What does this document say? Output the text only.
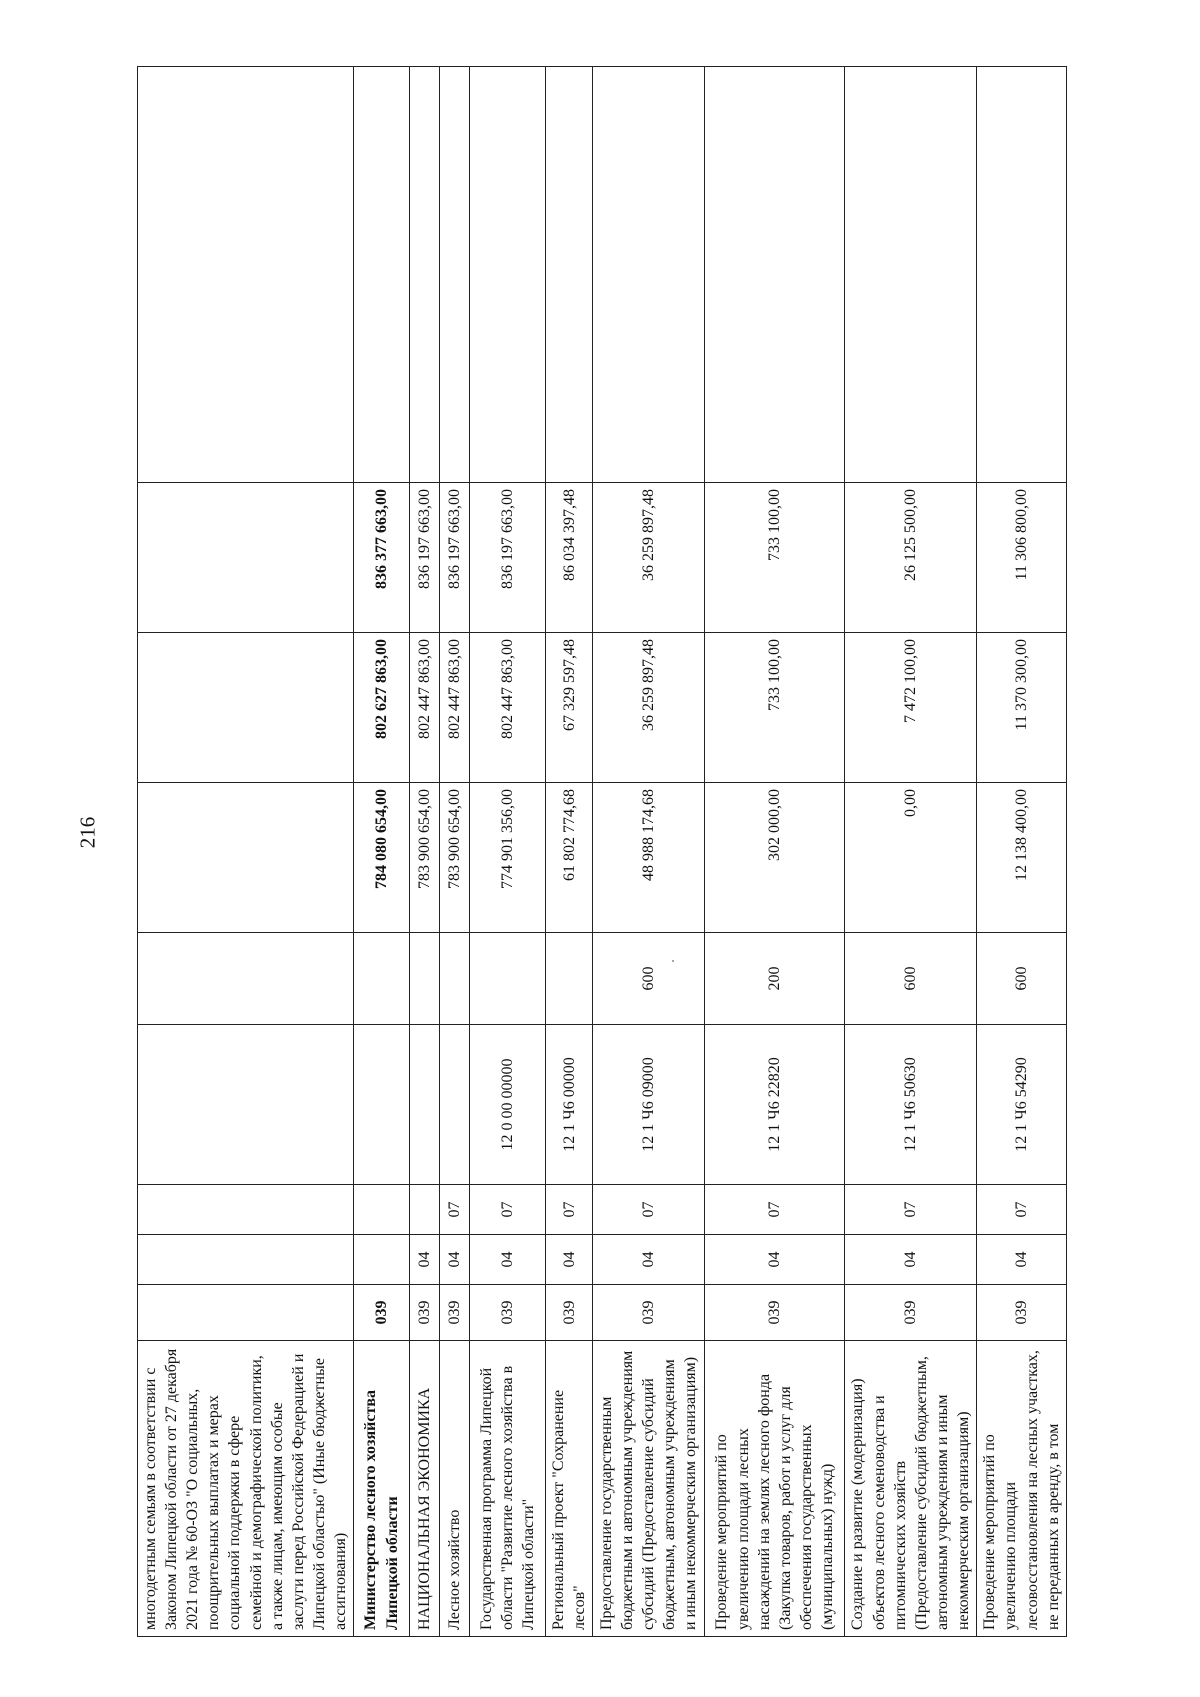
216
многодетным семьям в соответствии с Законом Липецкой области от 27 декабря 2021 года № 60-ОЗ "О социальных, поощрительных выплатах и мерах социальной поддержки в сфере семейной и демографической политики, а также лицам, имеющим особые заслуги перед Российской Федерацией и Липецкой областью" (Иные бюджетные ассигнования)									
Министерство лесного хозяйства Липецкой области	039					784 080 654,00	802 627 863,00	836 377 663,00	
НАЦИОНАЛЬНАЯ ЭКОНОМИКА	039	04				783 900 654,00	802 447 863,00	836 197 663,00	
Лесное хозяйство	039	04	07			783 900 654,00	802 447 863,00	836 197 663,00	
Государственная программа Липецкой области "Развитие лесного хозяйства в Липецкой области"	039	04	07	12 0 00 00000		774 901 356,00	802 447 863,00	836 197 663,00	
Региональный проект "Сохранение лесов"	039	04	07	12 1 Ч6 00000		61 802 774,68	67 329 597,48	86 034 397,48	
Предоставление государственным бюджетным и автономным учреждениям субсидий (Предоставление субсидий бюджетным, автономным учреждениям и иным некоммерческим организациям)	039	04	07	12 1 Ч6 09000	600	48 988 174,68	36 259 897,48	36 259 897,48	
Проведение мероприятий по увеличению площади лесных насаждений на землях лесного фонда (Закупка товаров, работ и услуг для обеспечения государственных (муниципальных) нужд)	039	04	07	12 1 Ч6 22820	200	302 000,00	733 100,00	733 100,00	
Создание и развитие (модернизация) объектов лесного семеноводства и питомнических хозяйств (Предоставление субсидий бюджетным, автономным учреждениям и иным некоммерческим организациям)	039	04	07	12 1 Ч6 50630	600	0,00	7 472 100,00	26 125 500,00	
Проведение мероприятий по увеличению площади лесовосстановления на лесных участках, не переданных в аренду, в том	039	04	07	12 1 Ч6 54290	600	12 138 400,00	11 370 300,00	11 306 800,00	
